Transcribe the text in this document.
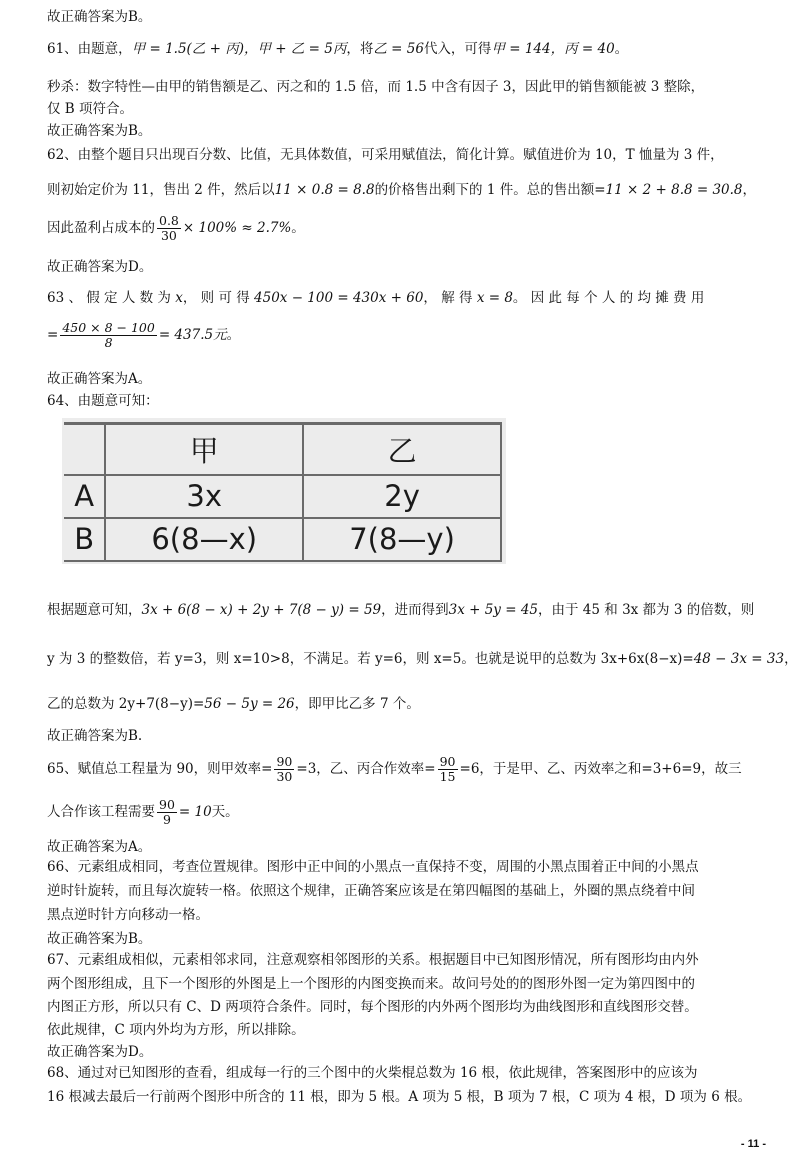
故正确答案为B。
61、由题意，甲 = 1.5(乙 + 丙)，甲 + 乙 = 5丙，将乙 = 56代入，可得甲 = 144，丙 = 40。
秒杀：数字特性—由甲的销售额是乙、丙之和的 1.5 倍，而 1.5 中含有因子 3，因此甲的销售额能被 3 整除，
仅 B 项符合。
故正确答案为B。
62、由整个题目只出现百分数、比值，无具体数值，可采用赋值法，简化计算。赋值进价为 10，T 恤量为 3 件，
则初始定价为 11，售出 2 件，然后以11 × 0.8 = 8.8的价格售出剩下的 1 件。总的售出额=11 × 2 + 8.8 = 30.8，
因此盈利占成本的 $\frac{0.8}{30} \times 100\% \approx 2.7\%$。
故正确答案为D。
63 、 假 定 人 数 为 x， 则 可 得 450x − 100 = 430x + 60， 解 得 x = 8。 因 此 每 个 人 的 均 摊 费 用
= $\frac{450 \times 8 - 100}{8} = 437.5$元。
故正确答案为A。
64、由题意可知：
	甲	乙
A	3x	2y
B	6(8—x)	7(8—y)
根据题意可知，3x + 6(8 − x) + 2y + 7(8 − y) = 59，进而得到3x + 5y = 45，由于 45 和 3x 都为 3 的倍数，则
y 为 3 的整数倍，若 y=3，则 x=10>8，不满足。若 y=6，则 x=5。也就是说甲的总数为 3x+6x(8−x)=48 − 3x = 33，
乙的总数为 2y+7(8−y)=56 − 5y = 26，即甲比乙多 7 个。
故正确答案为B.
65、赋值总工程量为 90，则甲效率= $\frac{90}{30} =3$，乙、丙合作效率= $\frac{90}{15} =6$，于是甲、乙、丙效率之和=3+6=9，故三
人合作该工程需要 $\frac{90}{9} = 10$天。
故正确答案为A。
66、元素组成相同，考查位置规律。图形中正中间的小黑点一直保持不变，周围的小黑点围着正中间的小黑点
逆时针旋转，而且每次旋转一格。依照这个规律，正确答案应该是在第四幅图的基础上，外圈的黑点绕着中间
黑点逆时针方向移动一格。
故正确答案为B。
67、元素组成相似，元素相邻求同，注意观察相邻图形的关系。根据题目中已知图形情况，所有图形均由内外
两个图形组成，且下一个图形的外图是上一个图形的内图变换而来。故问号处的的图形外图一定为第四图中的
内图正方形，所以只有 C、D 两项符合条件。同时，每个图形的内外两个图形均为曲线图形和直线图形交替。
依此规律，C 项内外均为方形，所以排除。
故正确答案为D。
68、通过对已知图形的查看，组成每一行的三个图中的火柴棍总数为 16 根，依此规律，答案图形中的应该为
16 根减去最后一行前两个图形中所含的 11 根，即为 5 根。A 项为 5 根，B 项为 7 根，C 项为 4 根，D 项为 6 根。
- 11 -
